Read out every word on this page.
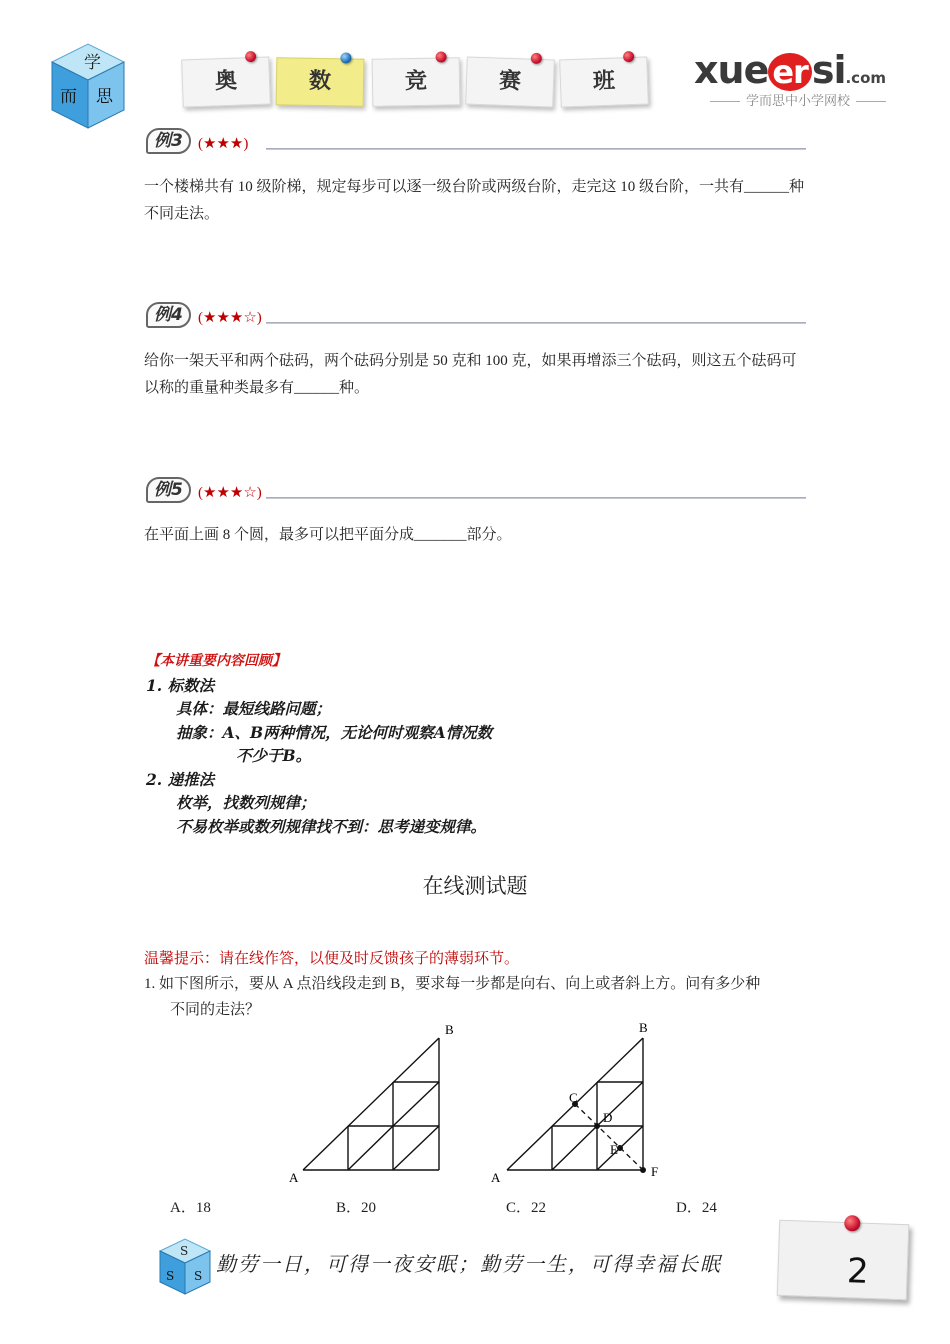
学
而 思
奥	数	竞	赛	班	xue er si.com
学而思中小学网校
例3	(★★★)
一个楼梯共有 10 级阶梯，规定每步可以逐一级台阶或两级台阶，走完这 10 级台阶，一共有______种不同走法。
例4	(★★★☆)
给你一架天平和两个砝码，两个砝码分别是 50 克和 100 克，如果再增添三个砝码，则这五个砝码可以称的重量种类最多有______种。
例5	(★★★☆)
在平面上画 8 个圆，最多可以把平面分成_______部分。
【本讲重要内容回顾】
1. 标数法
具体：最短线路问题；
抽象：A、B两种情况，无论何时观察A情况数
不少于B。
2. 递推法
枚举，找数列规律；
不易枚举或数列规律找不到：思考递变规律。
在线测试题
温馨提示：请在线作答，以便及时反馈孩子的薄弱环节。
1. 如下图所示，要从 A 点沿线段走到 B，要求每一步都是向右、向上或者斜上方。问有多少种
不同的走法？
A
B
A
B
C
D
E
F
A．18	B．20	C．22	D．24
S
S S 勤劳一日，可得一夜安眠；勤劳一生，可得幸福长眠	2
